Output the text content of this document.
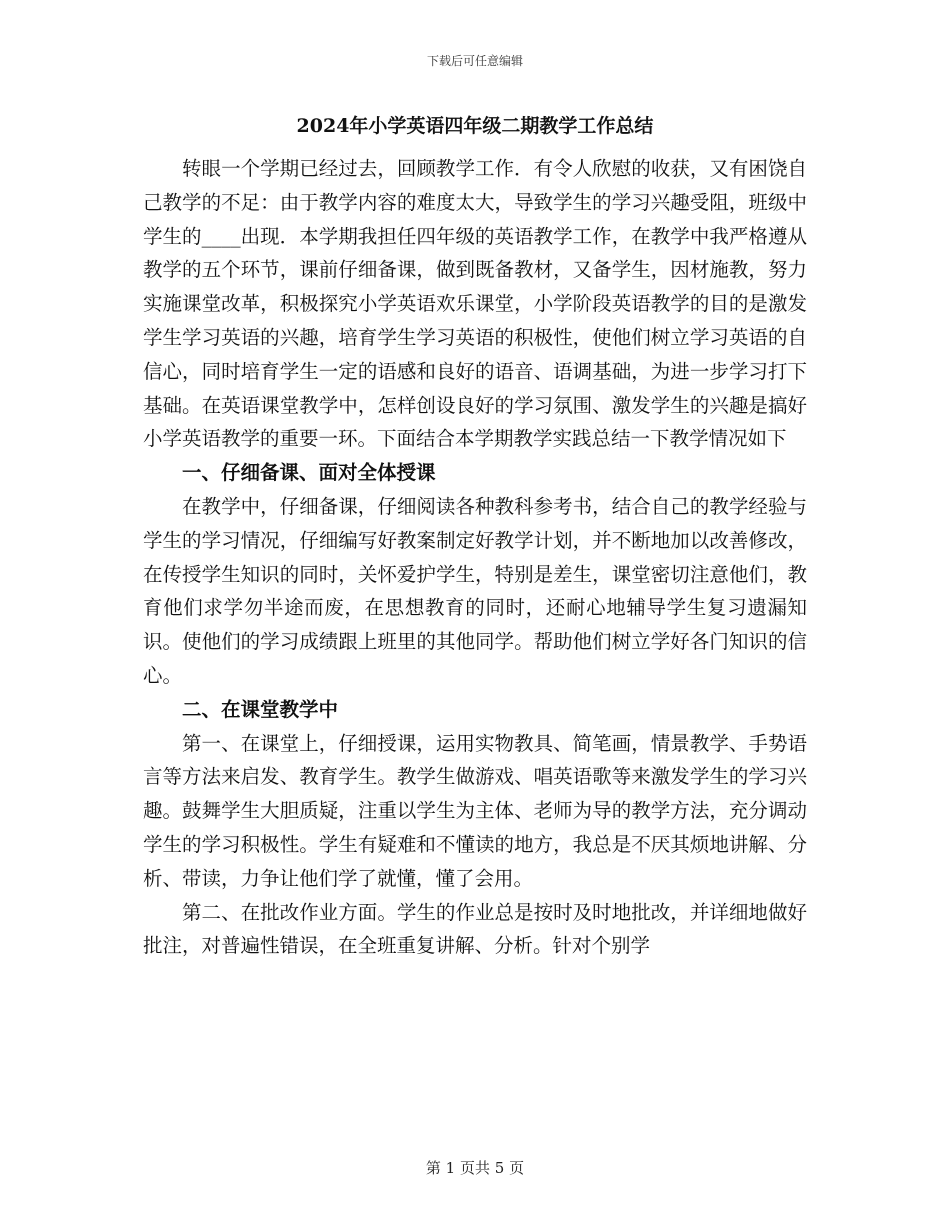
下载后可任意编辑
2024年小学英语四年级二期教学工作总结

转眼一个学期已经过去，回顾教学工作．有令人欣慰的收获，又有困饶自己教学的不足：由于教学内容的难度太大，导致学生的学习兴趣受阻，班级中学生的____出现．本学期我担任四年级的英语教学工作，在教学中我严格遵从教学的五个环节，课前仔细备课，做到既备教材，又备学生，因材施教，努力实施课堂改革，积极探究小学英语欢乐课堂，小学阶段英语教学的目的是激发学生学习英语的兴趣，培育学生学习英语的积极性，使他们树立学习英语的自信心，同时培育学生一定的语感和良好的语音、语调基础，为进一步学习打下基础。在英语课堂教学中，怎样创设良好的学习氛围、激发学生的兴趣是搞好小学英语教学的重要一环。下面结合本学期教学实践总结一下教学情况如下

一、仔细备课、面对全体授课

在教学中，仔细备课，仔细阅读各种教科参考书，结合自己的教学经验与学生的学习情况，仔细编写好教案制定好教学计划，并不断地加以改善修改，在传授学生知识的同时，关怀爱护学生，特别是差生，课堂密切注意他们，教育他们求学勿半途而废，在思想教育的同时，还耐心地辅导学生复习遗漏知识。使他们的学习成绩跟上班里的其他同学。帮助他们树立学好各门知识的信心。

二、在课堂教学中

第一、在课堂上，仔细授课，运用实物教具、简笔画，情景教学、手势语言等方法来启发、教育学生。教学生做游戏、唱英语歌等来激发学生的学习兴趣。鼓舞学生大胆质疑，注重以学生为主体、老师为导的教学方法，充分调动学生的学习积极性。学生有疑难和不懂读的地方，我总是不厌其烦地讲解、分析、带读，力争让他们学了就懂，懂了会用。

第二、在批改作业方面。学生的作业总是按时及时地批改，并详细地做好批注，对普遍性错误，在全班重复讲解、分析。针对个别学

第 1 页共 5 页
